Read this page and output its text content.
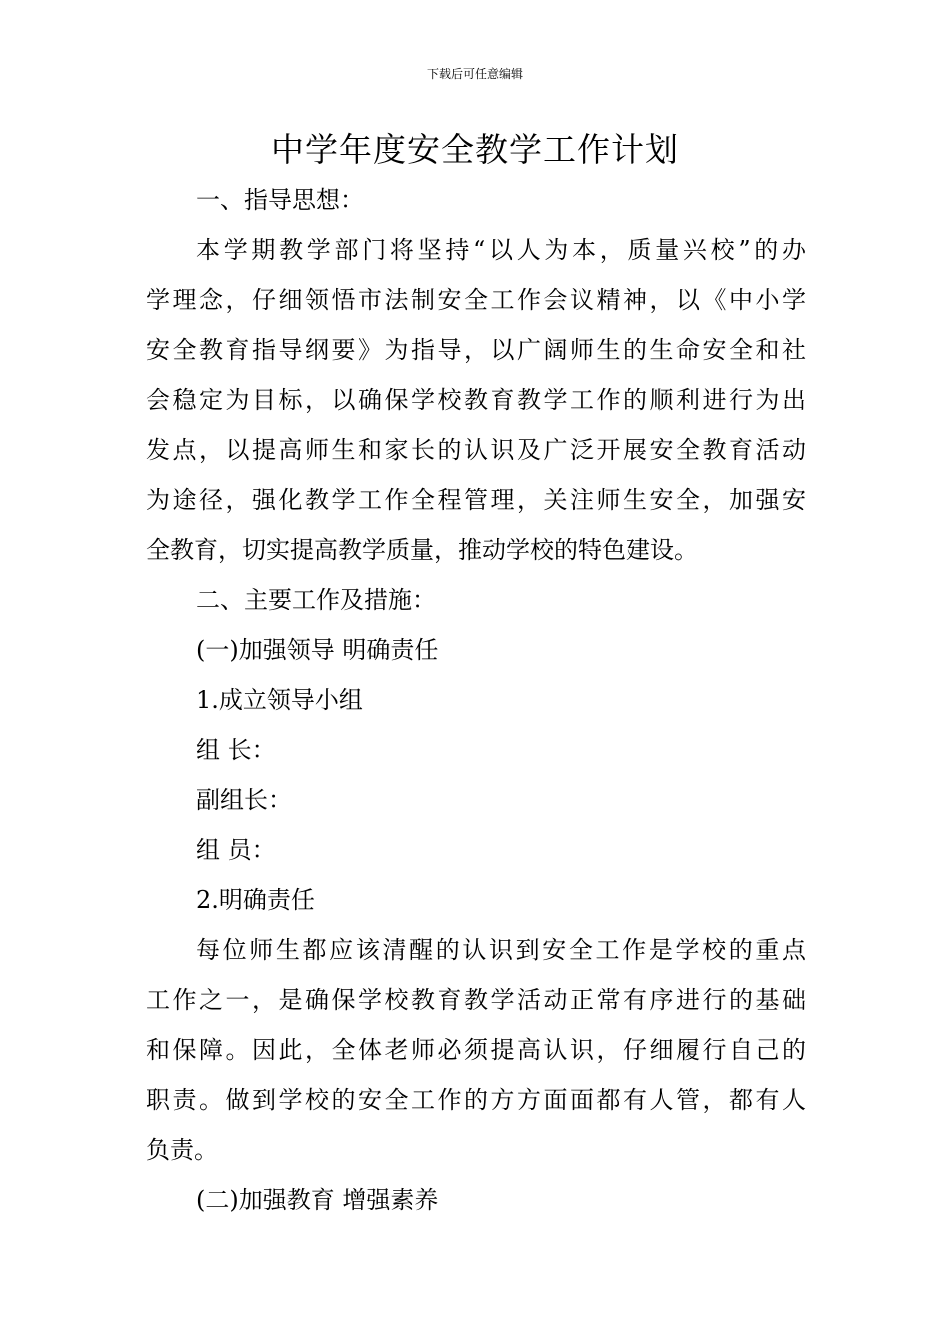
下载后可任意编辑
中学年度安全教学工作计划
一、指导思想：
本学期教学部门将坚持“以人为本，质量兴校”的办
学理念，仔细领悟市法制安全工作会议精神，以《中小学
安全教育指导纲要》为指导，以广阔师生的生命安全和社
会稳定为目标，以确保学校教育教学工作的顺利进行为出
发点，以提高师生和家长的认识及广泛开展安全教育活动
为途径，强化教学工作全程管理，关注师生安全，加强安
全教育，切实提高教学质量，推动学校的特色建设。
二、主要工作及措施：
(一)加强领导 明确责任
1.成立领导小组
组 长：
副组长：
组 员：
2.明确责任
每位师生都应该清醒的认识到安全工作是学校的重点
工作之一，是确保学校教育教学活动正常有序进行的基础
和保障。因此，全体老师必须提高认识，仔细履行自己的
职责。做到学校的安全工作的方方面面都有人管，都有人
负责。
(二)加强教育 增强素养
